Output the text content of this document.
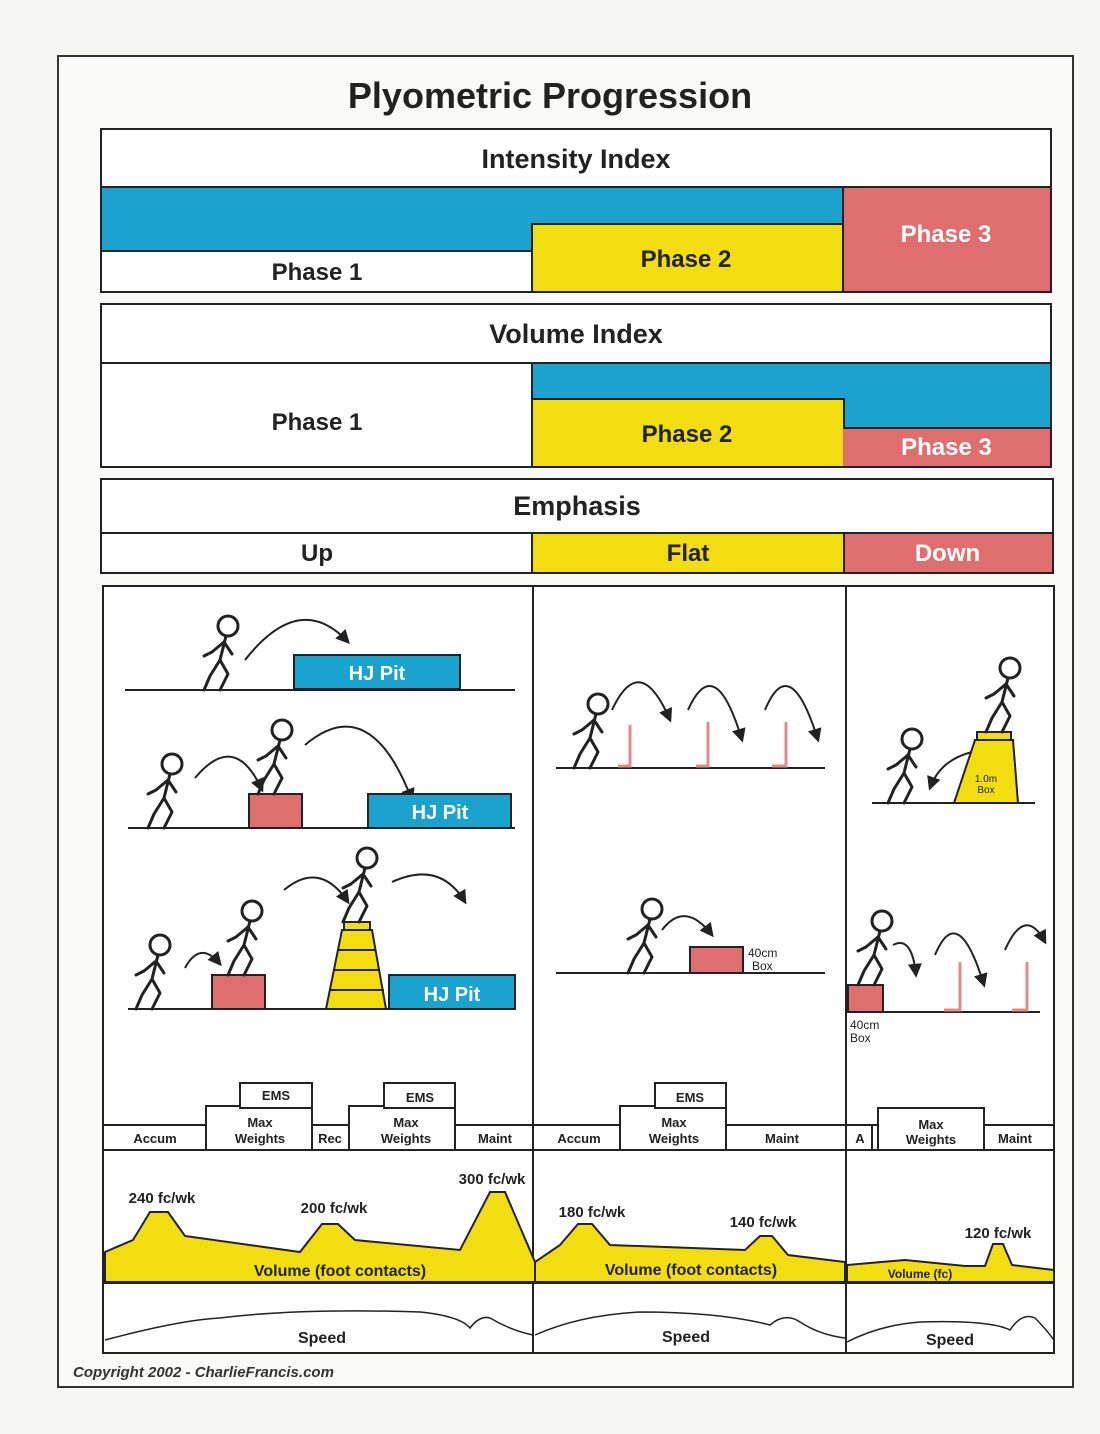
Plyometric Progression
Intensity Index
Phase 1	Phase 2
Phase 3
Volume Index
Phase 1	Phase 2	Phase 3
Emphasis
Up	Flat	Down
HJ Pit
HJ Pit
HJ Pit
40cm
Box
1.0m
Box
40cm
Box
EMS	EMS
Max
Weights
Max
Weights
Accum	Rec	Maint
EMS
Max
Weights
Accum	Maint
Max
Weights
A	Maint
240 fc/wk
200 fc/wk
300 fc/wk
180 fc/wk
140 fc/wk
120 fc/wk
Volume (foot contacts)	Volume (foot contacts)	Volume (fc)
Speed	Speed	Speed
Copyright 2002 - CharlieFrancis.com
